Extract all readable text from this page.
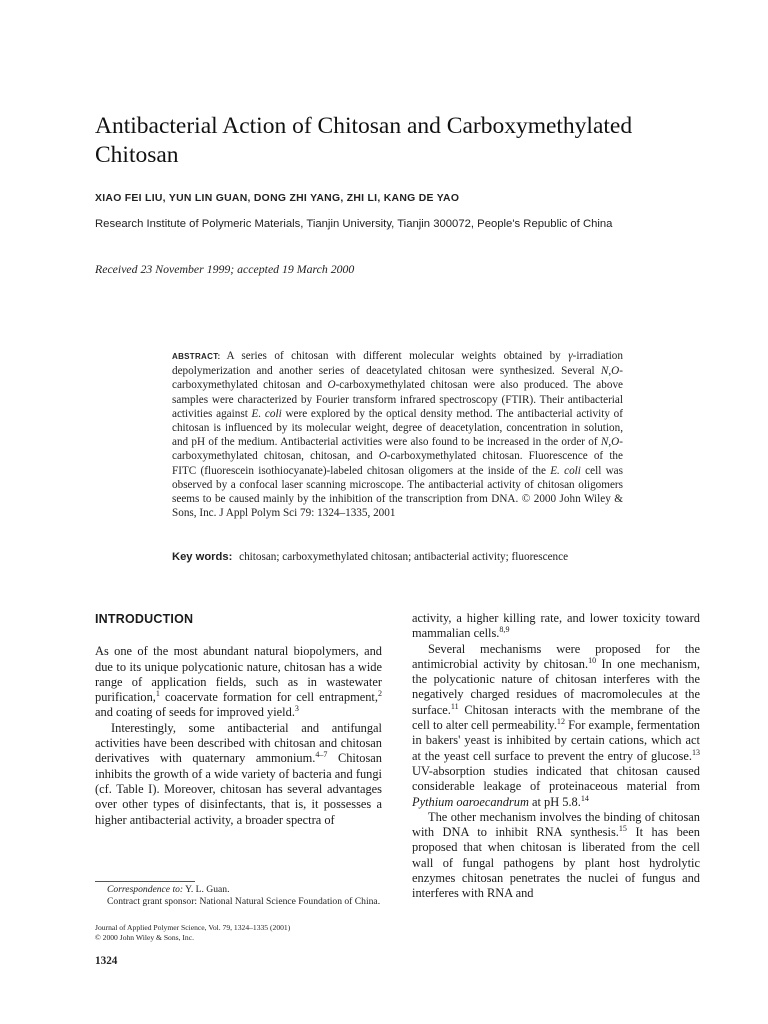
Antibacterial Action of Chitosan and Carboxymethylated Chitosan
XIAO FEI LIU, YUN LIN GUAN, DONG ZHI YANG, ZHI LI, KANG DE YAO
Research Institute of Polymeric Materials, Tianjin University, Tianjin 300072, People's Republic of China
Received 23 November 1999; accepted 19 March 2000

ABSTRACT: A series of chitosan with different molecular weights obtained by γ-irradiation depolymerization and another series of deacetylated chitosan were synthesized. Several N,O-carboxymethylated chitosan and O-carboxymethylated chitosan were also produced. The above samples were characterized by Fourier transform infrared spectroscopy (FTIR). Their antibacterial activities against E. coli were explored by the optical density method. The antibacterial activity of chitosan is influenced by its molecular weight, degree of deacetylation, concentration in solution, and pH of the medium. Antibacterial activities were also found to be increased in the order of N,O-carboxymethylated chitosan, chitosan, and O-carboxymethylated chitosan. Fluorescence of the FITC (fluorescein isothiocyanate)-labeled chitosan oligomers at the inside of the E. coli cell was observed by a confocal laser scanning microscope. The antibacterial activity of chitosan oligomers seems to be caused mainly by the inhibition of the transcription from DNA. © 2000 John Wiley & Sons, Inc. J Appl Polym Sci 79: 1324–1335, 2001

Key words: chitosan; carboxymethylated chitosan; antibacterial activity; fluorescence

INTRODUCTION

As one of the most abundant natural biopolymers, and due to its unique polycationic nature, chitosan has a wide range of application fields, such as in wastewater purification,$^1$ coacervate formation for cell entrapment,$^2$ and coating of seeds for improved yield.$^3$

Interestingly, some antibacterial and antifungal activities have been described with chitosan and chitosan derivatives with quaternary ammonium.$^{4-7}$ Chitosan inhibits the growth of a wide variety of bacteria and fungi (cf. Table I). Moreover, chitosan has several advantages over other types of disinfectants, that is, it possesses a higher antibacterial activity, a broader spectra of

activity, a higher killing rate, and lower toxicity toward mammalian cells.$^{8,9}$

Several mechanisms were proposed for the antimicrobial activity by chitosan.$^{10}$ In one mechanism, the polycationic nature of chitosan interferes with the negatively charged residues of macromolecules at the surface.$^{11}$ Chitosan interacts with the membrane of the cell to alter cell permeability.$^{12}$ For example, fermentation in bakers' yeast is inhibited by certain cations, which act at the yeast cell surface to prevent the entry of glucose.$^{13}$ UV-absorption studies indicated that chitosan caused considerable leakage of proteinaceous material from Pythium oaroecandrum at pH 5.8.14

The other mechanism involves the binding of chitosan with DNA to inhibit RNA synthesis.$^{15}$ It has been proposed that when chitosan is liberated from the cell wall of fungal pathogens by plant host hydrolytic enzymes chitosan penetrates the nuclei of fungus and interferes with RNA and

Correspondence to: Y. L. Guan.

Contract grant sponsor: National Natural Science Foundation of China.

Journal of Applied Polymer Science, Vol. 79, 1324–1335 (2001)

© 2000 John Wiley & Sons, Inc.

1324
